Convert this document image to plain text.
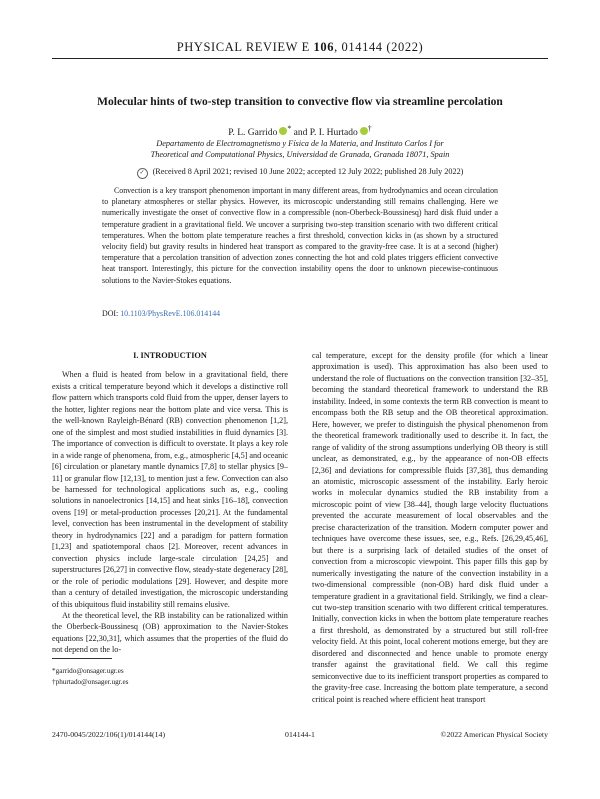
PHYSICAL REVIEW E 106, 014144 (2022)
Molecular hints of two-step transition to convective flow via streamline percolation
P. L. Garrido * and P. I. Hurtado †
Departamento de Electromagnetismo y Física de la Materia, and Instituto Carlos I for Theoretical and Computational Physics, Universidad de Granada, Granada 18071, Spain
✓ (Received 8 April 2021; revised 10 June 2022; accepted 12 July 2022; published 28 July 2022)

Convection is a key transport phenomenon important in many different areas, from hydrodynamics and ocean circulation to planetary atmospheres or stellar physics. However, its microscopic understanding still remains challenging. Here we numerically investigate the onset of convective flow in a compressible (non-Oberbeck-Boussinesq) hard disk fluid under a temperature gradient in a gravitational field. We uncover a surprising two-step transition scenario with two different critical temperatures. When the bottom plate temperature reaches a first threshold, convection kicks in (as shown by a structured velocity field) but gravity results in hindered heat transport as compared to the gravity-free case. It is at a second (higher) temperature that a percolation transition of advection zones connecting the hot and cold plates triggers efficient convective heat transport. Interestingly, this picture for the convection instability opens the door to unknown piecewise-continuous solutions to the Navier-Stokes equations.

DOI: 10.1103/PhysRevE.106.014144
I. INTRODUCTION

When a fluid is heated from below in a gravitational field, there exists a critical temperature beyond which it develops a distinctive roll flow pattern which transports cold fluid from the upper, denser layers to the hotter, lighter regions near the bottom plate and vice versa. This is the well-known Rayleigh-Bénard (RB) convection phenomenon [1,2], one of the simplest and most studied instabilities in fluid dynamics [3]. The importance of convection is difficult to overstate. It plays a key role in a wide range of phenomena, from, e.g., atmospheric [4,5] and oceanic [6] circulation or planetary mantle dynamics [7,8] to stellar physics [9–11] or granular flow [12,13], to mention just a few. Convection can also be harnessed for technological applications such as, e.g., cooling solutions in nanoelectronics [14,15] and heat sinks [16–18], convection ovens [19] or metal-production processes [20,21]. At the fundamental level, convection has been instrumental in the development of stability theory in hydrodynamics [22] and a paradigm for pattern formation [1,23] and spatiotemporal chaos [2]. Moreover, recent advances in convection physics include large-scale circulation [24,25] and superstructures [26,27] in convective flow, steady-state degeneracy [28], or the role of periodic modulations [29]. However, and despite more than a century of detailed investigation, the microscopic understanding of this ubiquitous fluid instability still remains elusive.

At the theoretical level, the RB instability can be rationalized within the Oberbeck-Boussinesq (OB) approximation to the Navier-Stokes equations [22,30,31], which assumes that the properties of the fluid do not depend on the lo-

cal temperature, except for the density profile (for which a linear approximation is used). This approximation has also been used to understand the role of fluctuations on the convection transition [32–35], becoming the standard theoretical framework to understand the RB instability. Indeed, in some contexts the term RB convection is meant to encompass both the RB setup and the OB theoretical approximation. Here, however, we prefer to distinguish the physical phenomenon from the theoretical framework traditionally used to describe it. In fact, the range of validity of the strong assumptions underlying OB theory is still unclear, as demonstrated, e.g., by the appearance of non-OB effects [2,36] and deviations for compressible fluids [37,38], thus demanding an atomistic, microscopic assessment of the instability. Early heroic works in molecular dynamics studied the RB instability from a microscopic point of view [38–44], though large velocity fluctuations prevented the accurate measurement of local observables and the precise characterization of the transition. Modern computer power and techniques have overcome these issues, see, e.g., Refs. [26,29,45,46], but there is a surprising lack of detailed studies of the onset of convection from a microscopic viewpoint. This paper fills this gap by numerically investigating the nature of the convection instability in a two-dimensional compressible (non-OB) hard disk fluid under a temperature gradient in a gravitational field. Strikingly, we find a clear-cut two-step transition scenario with two different critical temperatures. Initially, convection kicks in when the bottom plate temperature reaches a first threshold, as demonstrated by a structured but still roll-free velocity field. At this point, local coherent motions emerge, but they are disordered and disconnected and hence unable to promote energy transfer against the gravitational field. We call this regime semiconvective due to its inefficient transport properties as compared to the gravity-free case. Increasing the bottom plate temperature, a second critical point is reached where efficient heat transport

*garrido@onsager.ugr.es
†phurtado@onsager.ugr.es
2470-0045/2022/106(1)/014144(14)	014144-1	©2022 American Physical Society
